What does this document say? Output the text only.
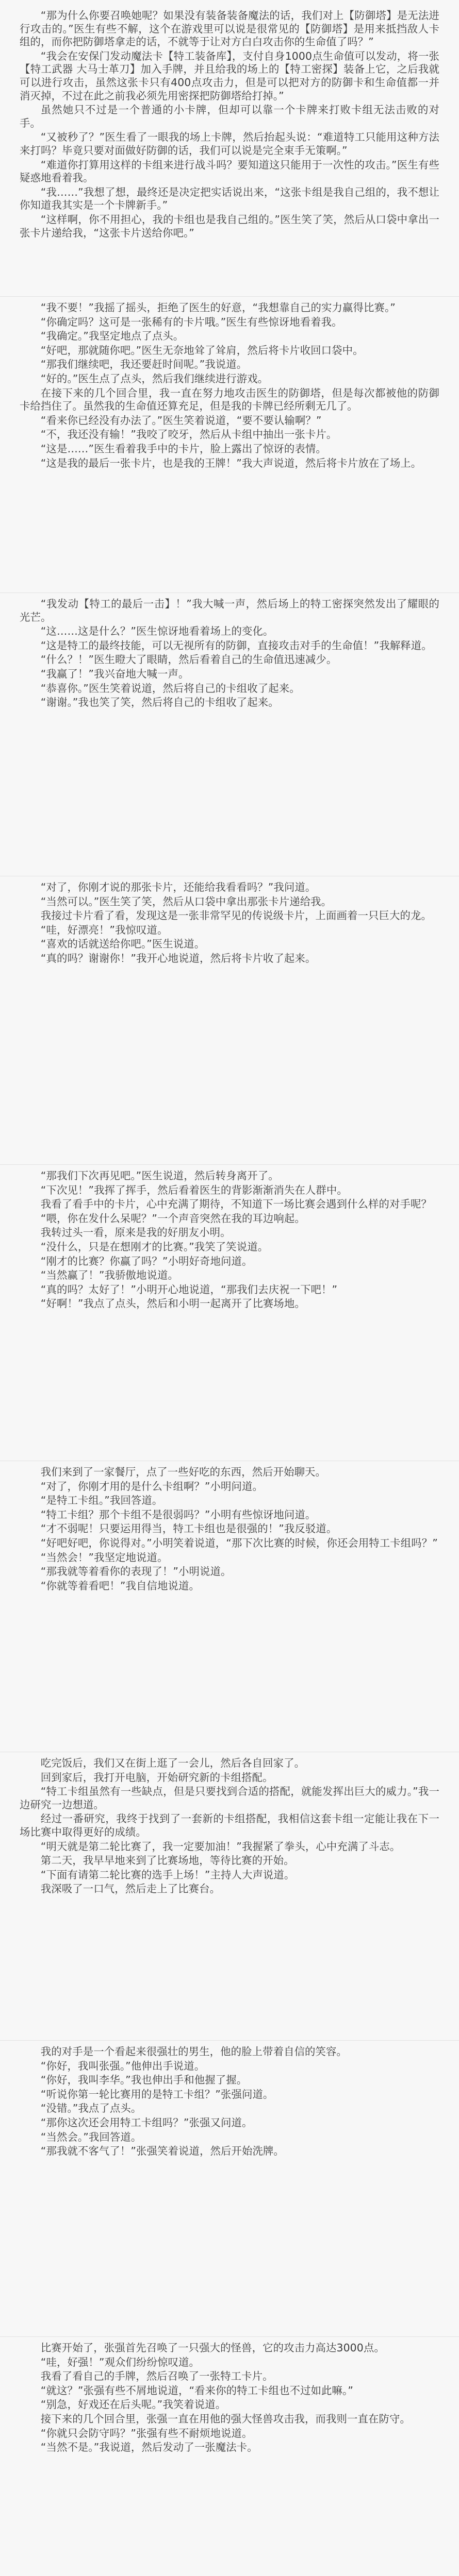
“那为什么你要召唤她呢？如果没有装备装备魔法的话，我们对上【防御塔】是无法进行攻击的。”医生有些不解，这个在游戏里可以说是很常见的【防御塔】是用来抵挡敌人卡组的，而你把防御塔拿走的话，不就等于让对方白白攻击你的生命值了吗？”

“我会在安保门发动魔法卡【特工装备库】，支付自身1000点生命值可以发动，将一张【特工武器 大马士革刀】加入手牌，并且给我的场上的【特工密探】装备上它，之后我就可以进行攻击，虽然这张卡只有400点攻击力，但是可以把对方的防御卡和生命值都一并消灭掉，不过在此之前我必须先用密探把防御塔给打掉。”

虽然她只不过是一个普通的小卡牌，但却可以靠一个卡牌来打败卡组无法击败的对手。

“又被秒了？”医生看了一眼我的场上卡牌，然后抬起头说：“难道特工只能用这种方法来打吗？毕竟只要对面做好防御的话，我们可以说是完全束手无策啊。”

“难道你打算用这样的卡组来进行战斗吗？要知道这只能用于一次性的攻击。”医生有些疑惑地看着我。

“我……”我想了想，最终还是决定把实话说出来，“这张卡组是我自己组的，我不想让你知道我其实是一个卡牌新手。”

“这样啊，你不用担心，我的卡组也是我自己组的。”医生笑了笑，然后从口袋中拿出一张卡片递给我，“这张卡片送给你吧。”

“我不要！”我摇了摇头，拒绝了医生的好意，“我想靠自己的实力赢得比赛。”

“你确定吗？这可是一张稀有的卡片哦。”医生有些惊讶地看着我。

“我确定。”我坚定地点了点头。

“好吧，那就随你吧。”医生无奈地耸了耸肩，然后将卡片收回口袋中。

“那我们继续吧，我还要赶时间呢。”我说道。

“好的。”医生点了点头，然后我们继续进行游戏。

在接下来的几个回合里，我一直在努力地攻击医生的防御塔，但是每次都被他的防御卡给挡住了。虽然我的生命值还算充足，但是我的卡牌已经所剩无几了。

“看来你已经没有办法了。”医生笑着说道，“要不要认输啊？”

“不，我还没有输！”我咬了咬牙，然后从卡组中抽出一张卡片。

“这是……”医生看着我手中的卡片，脸上露出了惊讶的表情。

“这是我的最后一张卡片，也是我的王牌！”我大声说道，然后将卡片放在了场上。

“我发动【特工的最后一击】！”我大喊一声，然后场上的特工密探突然发出了耀眼的光芒。

“这……这是什么？”医生惊讶地看着场上的变化。

“这是特工的最终技能，可以无视所有的防御，直接攻击对手的生命值！”我解释道。

“什么？！”医生瞪大了眼睛，然后看着自己的生命值迅速减少。

“我赢了！”我兴奋地大喊一声。

“恭喜你。”医生笑着说道，然后将自己的卡组收了起来。

“谢谢。”我也笑了笑，然后将自己的卡组收了起来。

“对了，你刚才说的那张卡片，还能给我看看吗？”我问道。

“当然可以。”医生笑了笑，然后从口袋中拿出那张卡片递给我。

我接过卡片看了看，发现这是一张非常罕见的传说级卡片，上面画着一只巨大的龙。

“哇，好漂亮！”我惊叹道。

“喜欢的话就送给你吧。”医生说道。

“真的吗？谢谢你！”我开心地说道，然后将卡片收了起来。

“那我们下次再见吧。”医生说道，然后转身离开了。

“下次见！”我挥了挥手，然后看着医生的背影渐渐消失在人群中。

我看了看手中的卡片，心中充满了期待，不知道下一场比赛会遇到什么样的对手呢？

“喂，你在发什么呆呢？”一个声音突然在我的耳边响起。

我转过头一看，原来是我的好朋友小明。

“没什么，只是在想刚才的比赛。”我笑了笑说道。

“刚才的比赛？你赢了吗？”小明好奇地问道。

“当然赢了！”我骄傲地说道。

“真的吗？太好了！”小明开心地说道，“那我们去庆祝一下吧！”

“好啊！”我点了点头，然后和小明一起离开了比赛场地。

我们来到了一家餐厅，点了一些好吃的东西，然后开始聊天。

“对了，你刚才用的是什么卡组啊？”小明问道。

“是特工卡组。”我回答道。

“特工卡组？那个卡组不是很弱吗？”小明有些惊讶地问道。

“才不弱呢！只要运用得当，特工卡组也是很强的！”我反驳道。

“好吧好吧，你说得对。”小明笑着说道，“那下次比赛的时候，你还会用特工卡组吗？”

“当然会！”我坚定地说道。

“那我就等着看你的表现了！”小明说道。

“你就等着看吧！”我自信地说道。

吃完饭后，我们又在街上逛了一会儿，然后各自回家了。

回到家后，我打开电脑，开始研究新的卡组搭配。

“特工卡组虽然有一些缺点，但是只要找到合适的搭配，就能发挥出巨大的威力。”我一边研究一边想道。

经过一番研究，我终于找到了一套新的卡组搭配，我相信这套卡组一定能让我在下一场比赛中取得更好的成绩。

“明天就是第二轮比赛了，我一定要加油！”我握紧了拳头，心中充满了斗志。

第二天，我早早地来到了比赛场地，等待比赛的开始。

“下面有请第二轮比赛的选手上场！”主持人大声说道。

我深吸了一口气，然后走上了比赛台。

我的对手是一个看起来很强壮的男生，他的脸上带着自信的笑容。

“你好，我叫张强。”他伸出手说道。

“你好，我叫李华。”我也伸出手和他握了握。

“听说你第一轮比赛用的是特工卡组？”张强问道。

“没错。”我点了点头。

“那你这次还会用特工卡组吗？”张强又问道。

“当然会。”我回答道。

“那我就不客气了！”张强笑着说道，然后开始洗牌。

比赛开始了，张强首先召唤了一只强大的怪兽，它的攻击力高达3000点。

“哇，好强！”观众们纷纷惊叹道。

我看了看自己的手牌，然后召唤了一张特工卡片。

“就这？”张强有些不屑地说道，“看来你的特工卡组也不过如此嘛。”

“别急，好戏还在后头呢。”我笑着说道。

接下来的几个回合里，张强一直在用他的强大怪兽攻击我，而我则一直在防守。

“你就只会防守吗？”张强有些不耐烦地说道。

“当然不是。”我说道，然后发动了一张魔法卡。
